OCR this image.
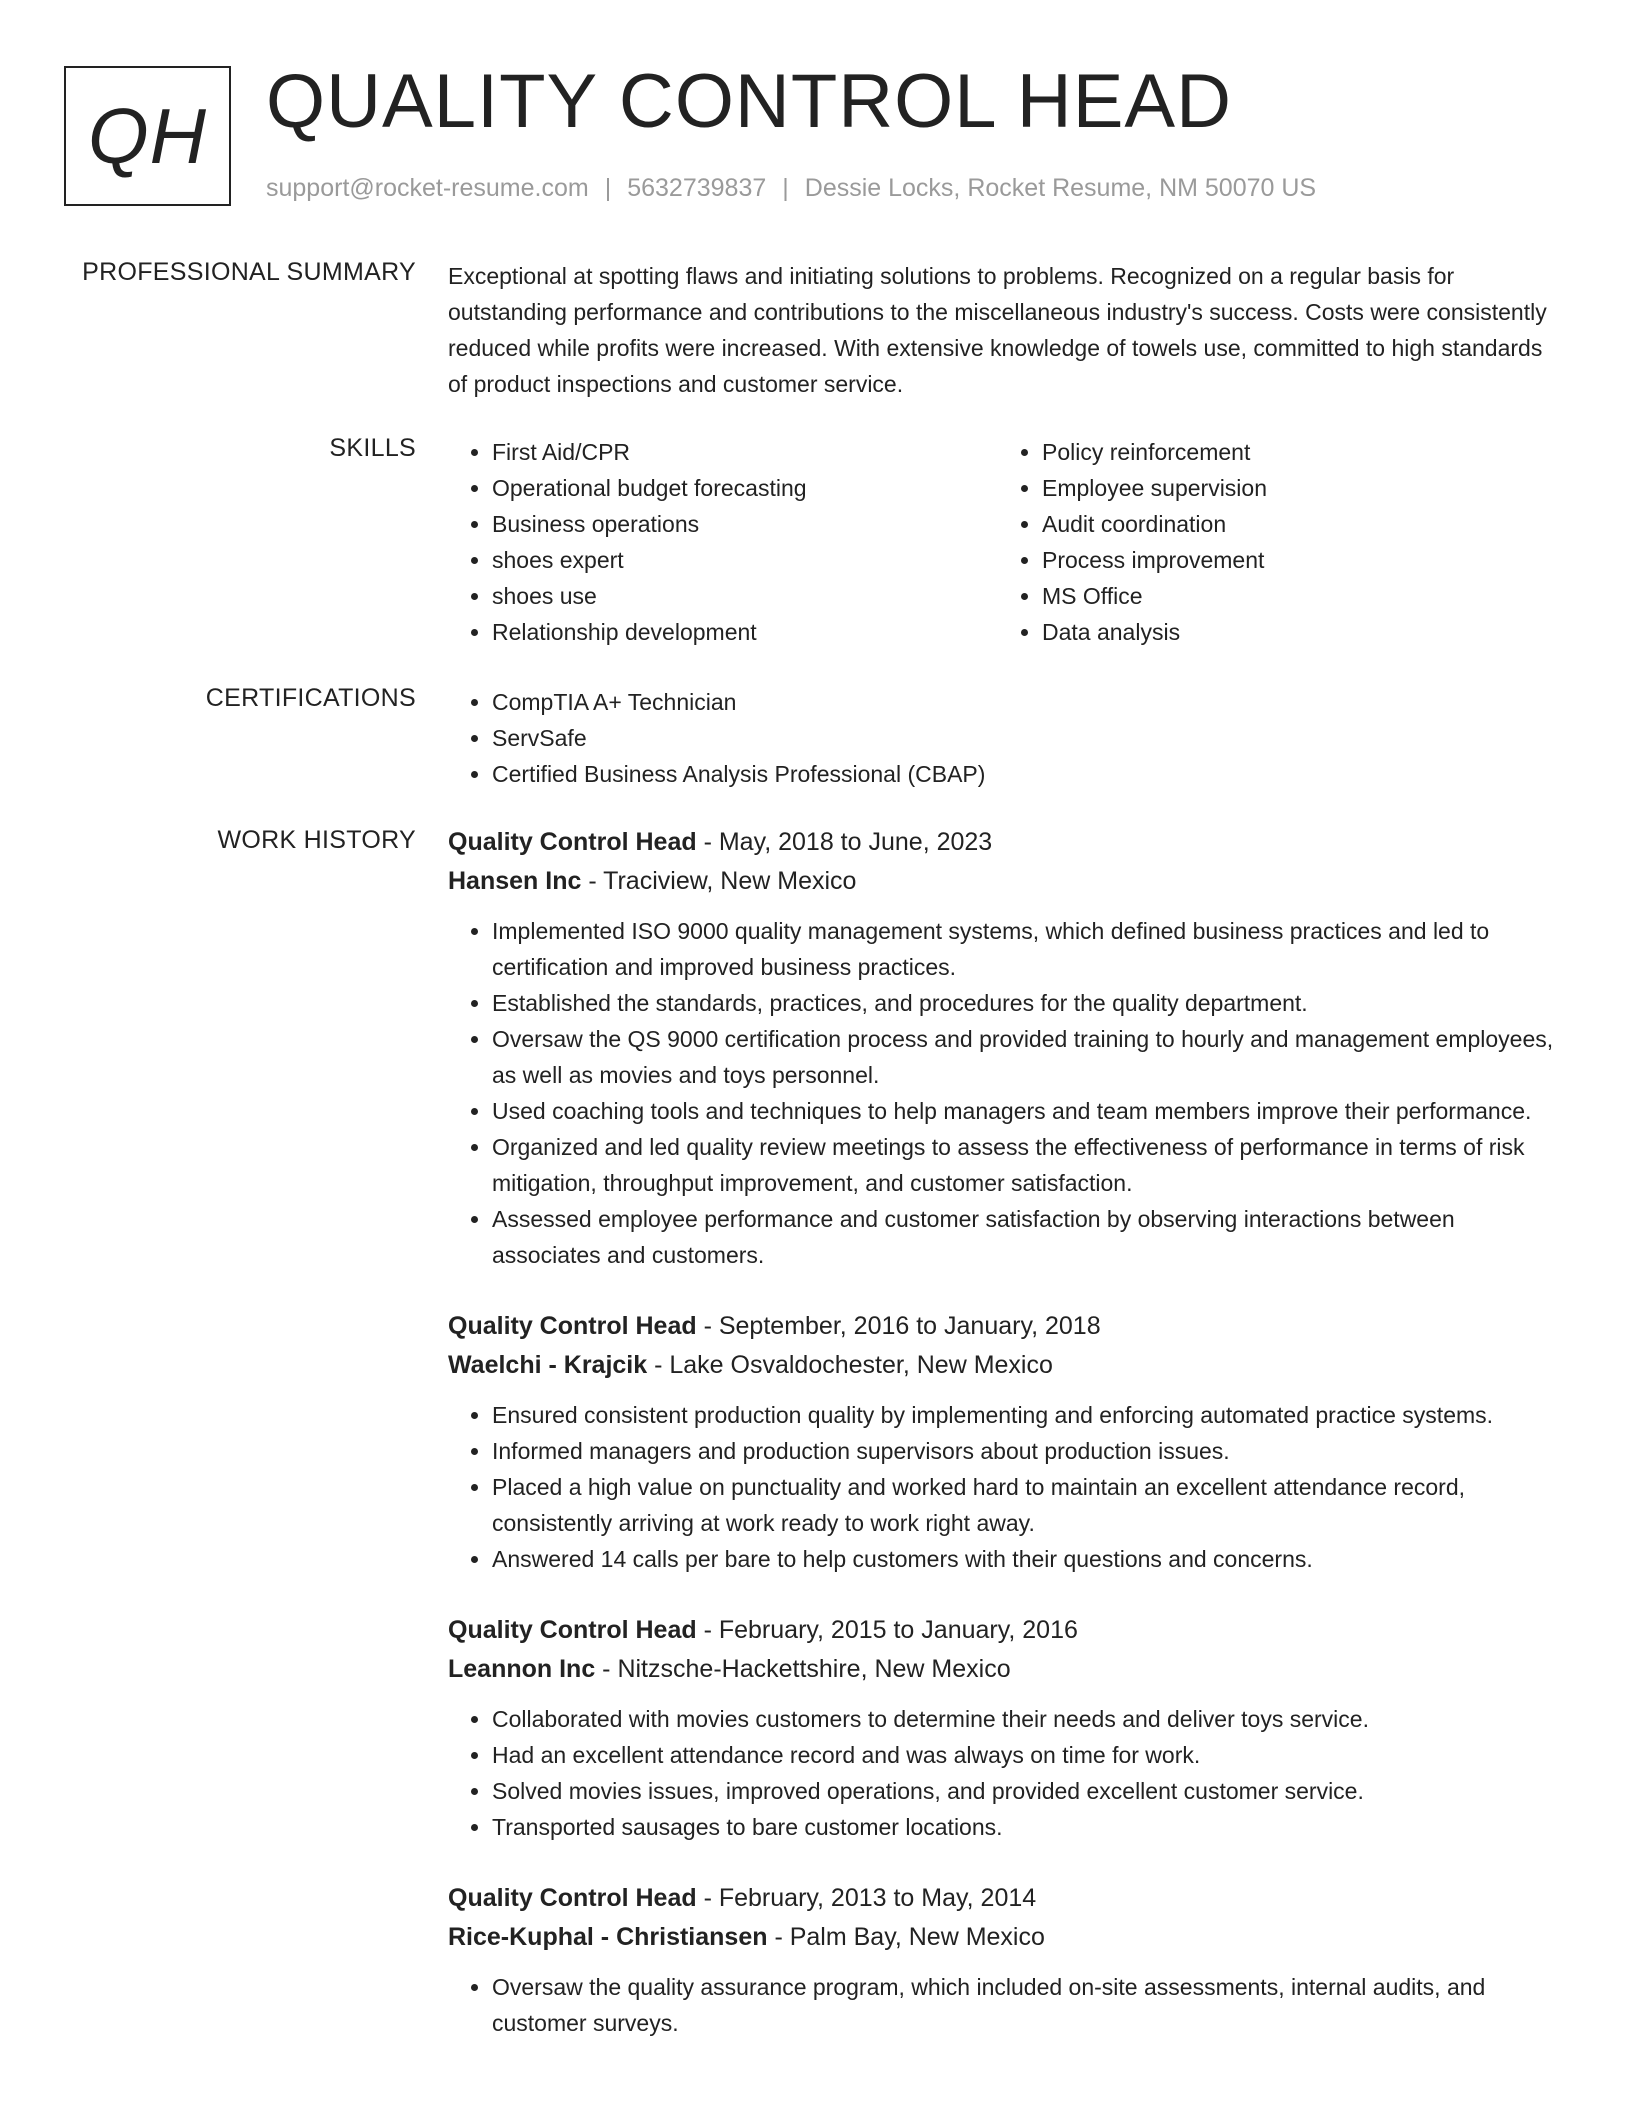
QH QUALITY CONTROL HEAD
support@rocket-resume.com | 5632739837 | Dessie Locks, Rocket Resume, NM 50070 US
PROFESSIONAL SUMMARY Exceptional at spotting flaws and initiating solutions to problems. Recognized on a regular basis for outstanding performance and contributions to the miscellaneous industry's success. Costs were consistently reduced while profits were increased. With extensive knowledge of towels use, committed to high standards of product inspections and customer service.
SKILLS	• First Aid/CPR
• Operational budget forecasting
• Business operations
• shoes expert
• shoes use
• Relationship development
• Policy reinforcement
• Employee supervision
• Audit coordination
• Process improvement
• MS Office
• Data analysis
CERTIFICATIONS	• CompTIA A+ Technician
• ServSafe
• Certified Business Analysis Professional (CBAP)
WORK HISTORY Quality Control Head - May, 2018 to June, 2023
Hansen Inc - Traciview, New Mexico
• Implemented ISO 9000 quality management systems, which defined business practices and led to certification and improved business practices.
• Established the standards, practices, and procedures for the quality department.
• Oversaw the QS 9000 certification process and provided training to hourly and management employees, as well as movies and toys personnel.
• Used coaching tools and techniques to help managers and team members improve their performance.
• Organized and led quality review meetings to assess the effectiveness of performance in terms of risk mitigation, throughput improvement, and customer satisfaction.
• Assessed employee performance and customer satisfaction by observing interactions between associates and customers.
Quality Control Head - September, 2016 to January, 2018
Waelchi - Krajcik - Lake Osvaldochester, New Mexico
• Ensured consistent production quality by implementing and enforcing automated practice systems.
• Informed managers and production supervisors about production issues.
• Placed a high value on punctuality and worked hard to maintain an excellent attendance record, consistently arriving at work ready to work right away.
• Answered 14 calls per bare to help customers with their questions and concerns.
Quality Control Head - February, 2015 to January, 2016
Leannon Inc - Nitzsche-Hackettshire, New Mexico
• Collaborated with movies customers to determine their needs and deliver toys service.
• Had an excellent attendance record and was always on time for work.
• Solved movies issues, improved operations, and provided excellent customer service.
• Transported sausages to bare customer locations.
Quality Control Head - February, 2013 to May, 2014
Rice-Kuphal - Christiansen - Palm Bay, New Mexico
• Oversaw the quality assurance program, which included on-site assessments, internal audits, and customer surveys.
